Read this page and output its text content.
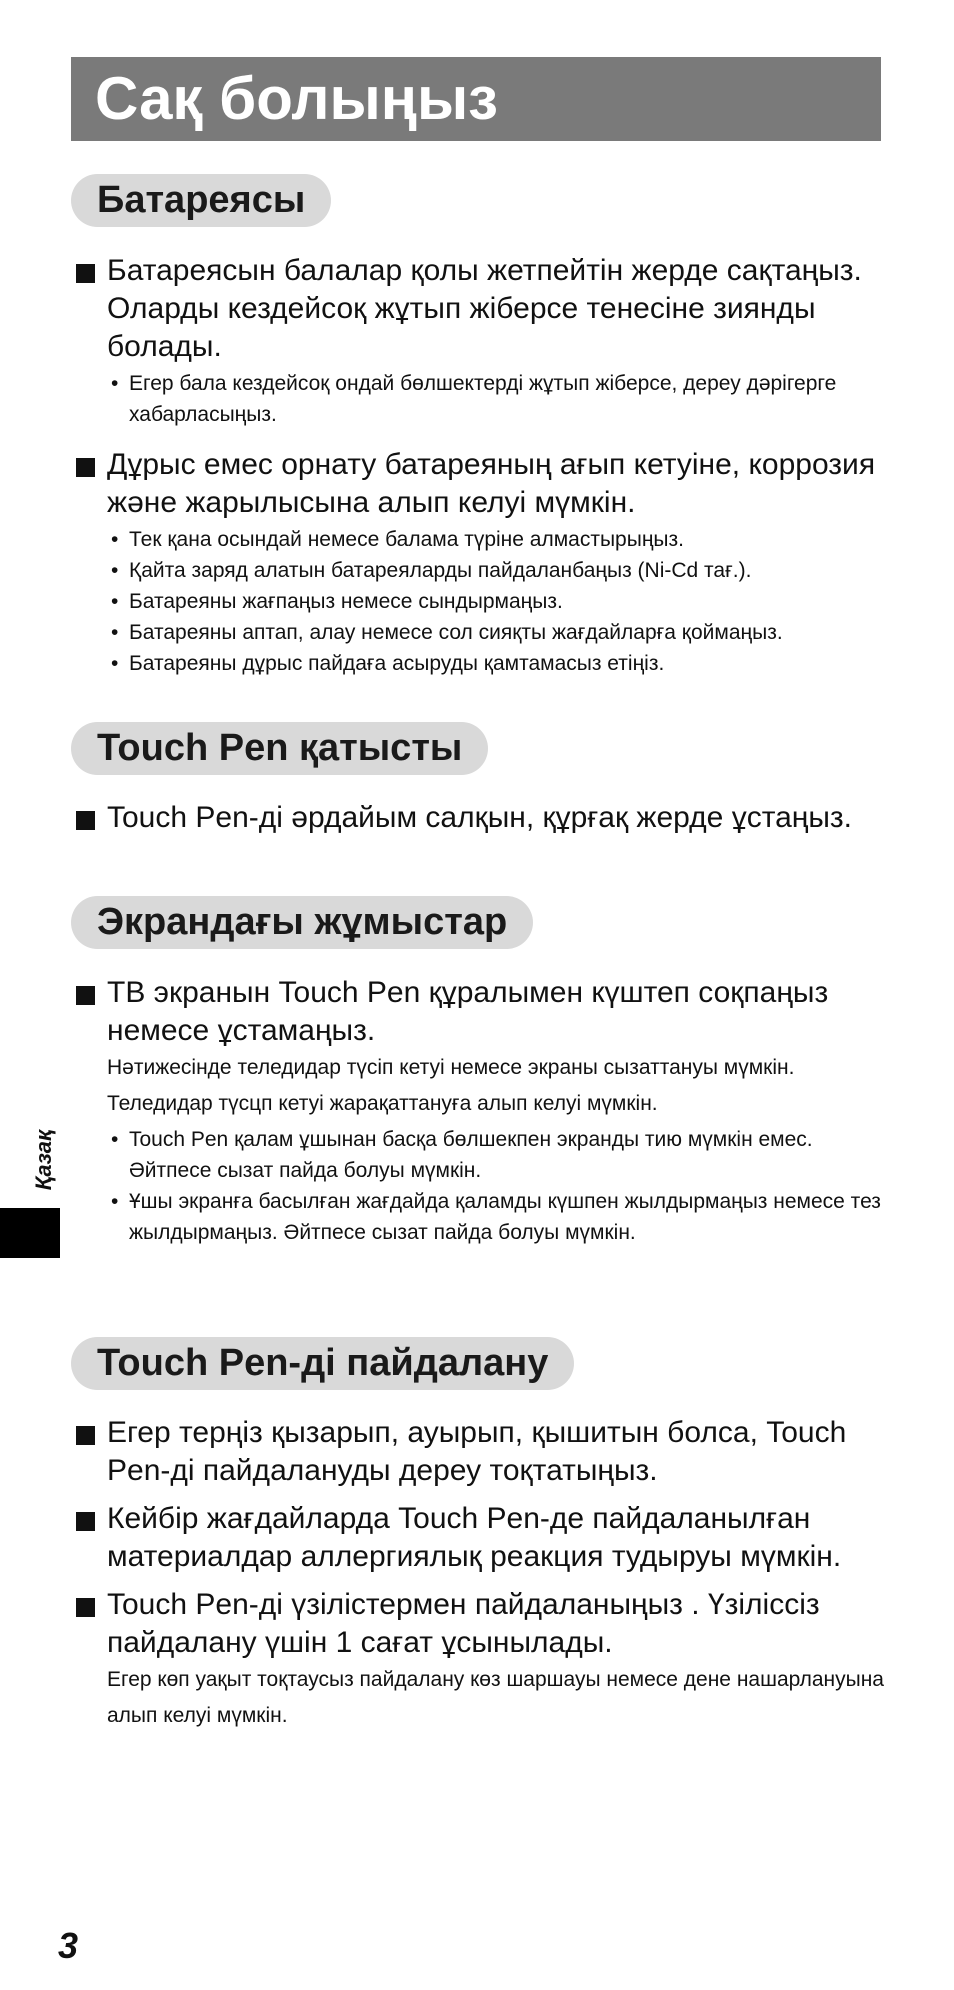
Сақ болыңыз
Батареясы
Батареясын балалар қолы жетпейтін жерде сақтаңыз. Оларды кездейсоқ жұтып жіберсе тенесіне зиянды болады.
• Егер бала кездейсоқ ондай бөлшектерді жұтып жіберсе, дереу дәрігерге хабарласыңыз.
Дұрыс емес орнату батареяның ағып кетуіне, коррозия және жарылысына алып келуі мүмкін.
• Тек қана осындай немесе балама түріне алмастырыңыз.
• Қайта заряд алатын батареяларды пайдаланбаңыз (Ni-Cd тағ.).
• Батареяны жағпаңыз немесе сындырмаңыз.
• Батареяны аптап, алау немесе сол сияқты жағдайларға қоймаңыз.
• Батареяны дұрыс пайдаға асыруды қамтамасыз етіңіз.
Touch Pen қатысты
Touch Pen-ді әрдайым салқын, құрғақ жерде ұстаңыз.
Экрандағы жұмыстар
ТВ экранын Touch Pen құралымен күштеп соқпаңыз немесе ұстамаңыз.
Нәтижесінде теледидар түсіп кетуі немесе экраны сызаттануы мүмкін.
Теледидар түсцп кетуі жарақаттануға алып келуі мүмкін.
• Touch Pen қалам ұшынан басқа бөлшекпен экранды тию мүмкін емес. Әйтпесе сызат пайда болуы мүмкін.
• Ұшы экранға басылған жағдайда қаламды күшпен жылдырмаңыз немесе тез жылдырмаңыз. Әйтпесе сызат пайда болуы мүмкін.
Touch Pen-ді пайдалану
Егер терңіз қызарып, ауырып, қышитын болса, Touch Pen-ді пайдалануды дереу тоқтатыңыз.
Кейбір жағдайларда Touch Pen-де пайдаланылған материалдар аллергиялық реакция тудыруы мүмкін.
Touch Pen-ді үзілістермен пайдаланыңыз . Үзіліссіз пайдалану үшін 1 сағат ұсынылады.
Егер көп уақыт тоқтаусыз пайдалану көз шаршауы немесе дене нашарлануына алып келуі мүмкін.
Қазақ
3
